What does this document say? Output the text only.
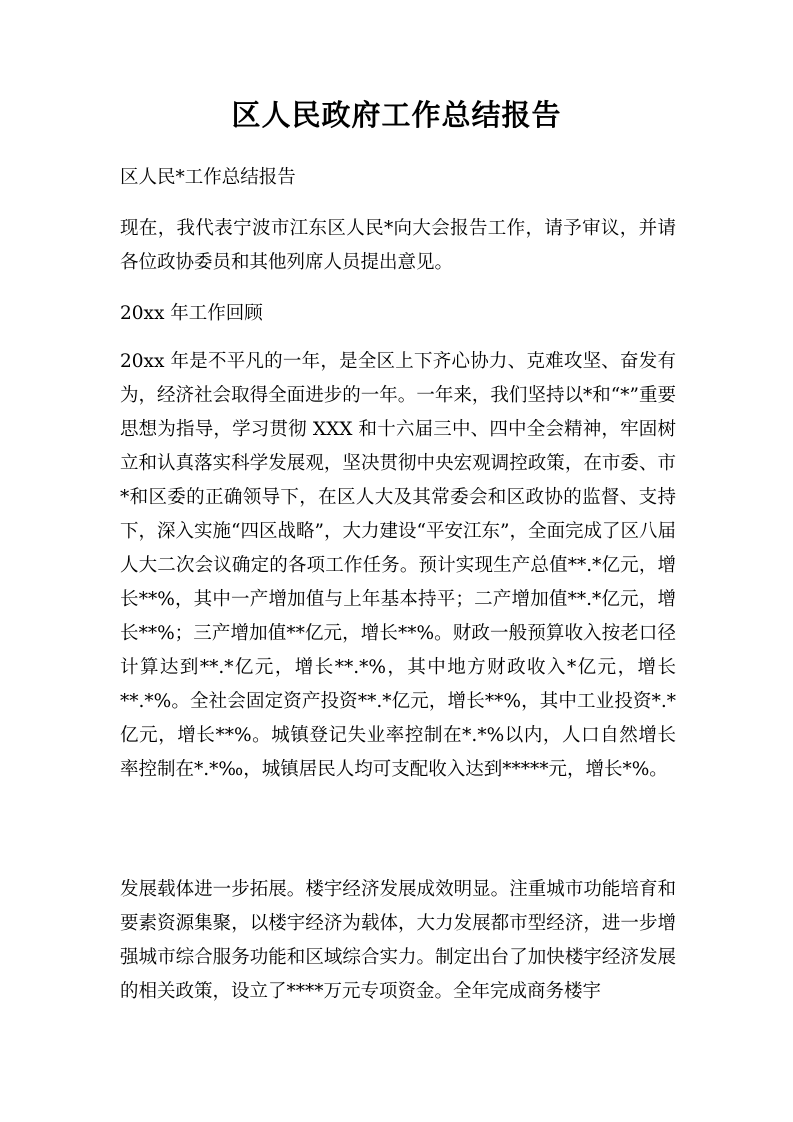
区人民政府工作总结报告

区人民*工作总结报告

现在，我代表宁波市江东区人民*向大会报告工作，请予审议，并请各位政协委员和其他列席人员提出意见。

20xx 年工作回顾

20xx 年是不平凡的一年，是全区上下齐心协力、克难攻坚、奋发有为，经济社会取得全面进步的一年。一年来，我们坚持以*和“*”重要思想为指导，学习贯彻 XXX 和十六届三中、四中全会精神，牢固树立和认真落实科学发展观，坚决贯彻中央宏观调控政策，在市委、市*和区委的正确领导下，在区人大及其常委会和区政协的监督、支持下，深入实施“四区战略”，大力建设“平安江东”，全面完成了区八届人大二次会议确定的各项工作任务。预计实现生产总值**.*亿元，增长**%，其中一产增加值与上年基本持平；二产增加值**.*亿元，增长**%；三产增加值**亿元，增长**%。财政一般预算收入按老口径计算达到**.*亿元，增长**.*%，其中地方财政收入*亿元，增长**.*%。全社会固定资产投资**.*亿元，增长**%，其中工业投资*.*亿元，增长**%。城镇登记失业率控制在*.*%以内，人口自然增长率控制在*.*‰，城镇居民人均可支配收入达到*****元，增长*%。

发展载体进一步拓展。楼宇经济发展成效明显。注重城市功能培育和要素资源集聚，以楼宇经济为载体，大力发展都市型经济，进一步增强城市综合服务功能和区域综合实力。制定出台了加快楼宇经济发展的相关政策，设立了****万元专项资金。全年完成商务楼宇
